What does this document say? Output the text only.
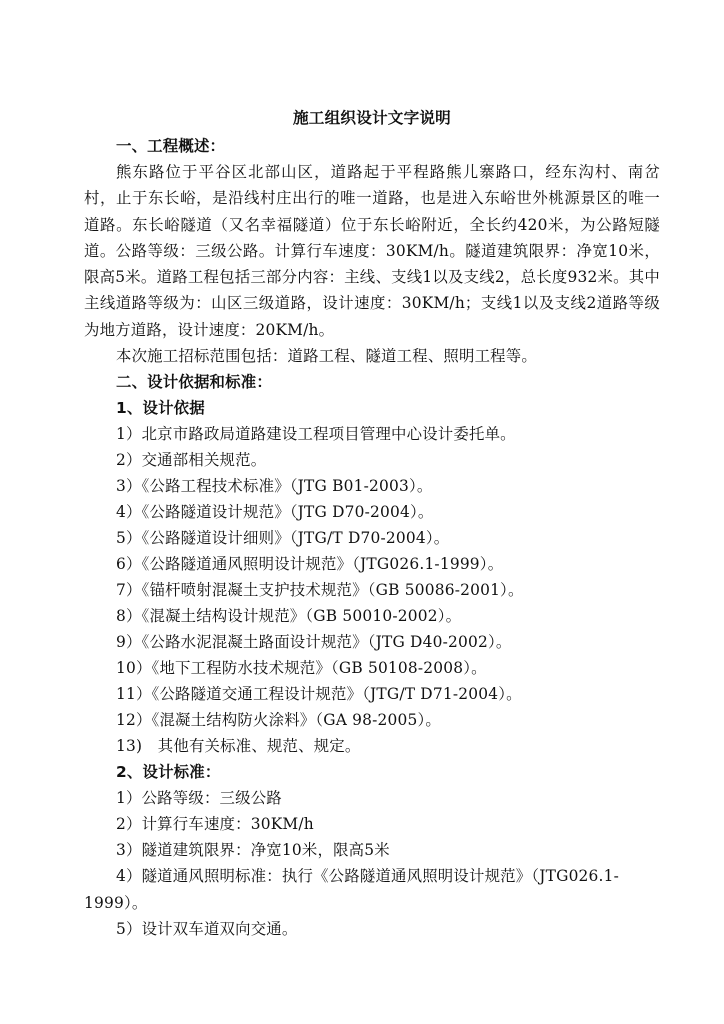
施工组织设计文字说明
一、工程概述：

熊东路位于平谷区北部山区，道路起于平程路熊儿寨路口，经东沟村、南岔村，止于东长峪，是沿线村庄出行的唯一道路，也是进入东峪世外桃源景区的唯一道路。东长峪隧道（又名幸福隧道）位于东长峪附近，全长约420米，为公路短隧道。公路等级：三级公路。计算行车速度：30KM/h。隧道建筑限界：净宽10米，限高5米。道路工程包括三部分内容：主线、支线1以及支线2，总长度932米。其中主线道路等级为：山区三级道路，设计速度：30KM/h；支线1以及支线2道路等级为地方道路，设计速度：20KM/h。

本次施工招标范围包括：道路工程、隧道工程、照明工程等。

二、设计依据和标准：
1、设计依据
1）北京市路政局道路建设工程项目管理中心设计委托单。
2）交通部相关规范。
3）《公路工程技术标准》（JTG B01-2003）。
4）《公路隧道设计规范》（JTG D70-2004）。
5）《公路隧道设计细则》（JTG/T D70-2004）。
6）《公路隧道通风照明设计规范》（JTG026.1-1999）。
7）《锚杆喷射混凝土支护技术规范》（GB 50086-2001）。
8）《混凝土结构设计规范》（GB 50010-2002）。
9）《公路水泥混凝土路面设计规范》（JTG D40-2002）。
10）《地下工程防水技术规范》（GB 50108-2008）。
11）《公路隧道交通工程设计规范》（JTG/T D71-2004）。
12）《混凝土结构防火涂料》（GA 98-2005）。
13)　其他有关标准、规范、规定。
2、设计标准：
1）公路等级：三级公路
2）计算行车速度：30KM/h
3）隧道建筑限界：净宽10米，限高5米

4）隧道通风照明标准：执行《公路隧道通风照明设计规范》（JTG026.1-1999）。

5）设计双车道双向交通。
